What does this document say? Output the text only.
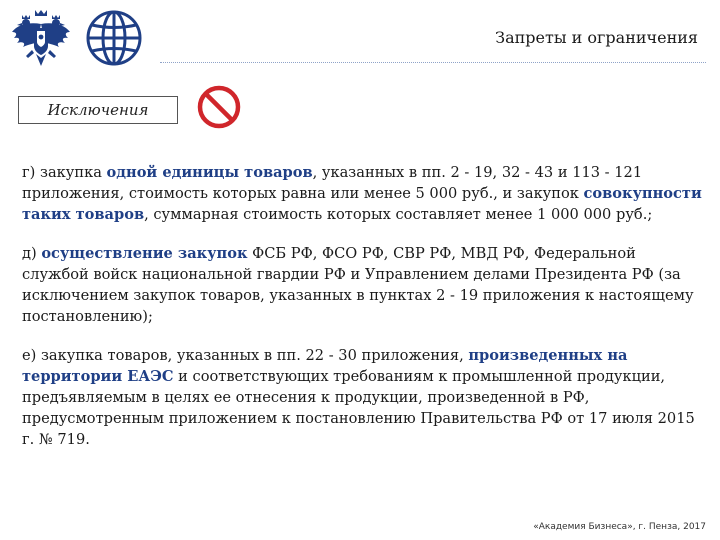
Запреты и ограничения
Исключения

г) закупка одной единицы товаров, указанных в пп. 2 - 19, 32 - 43 и 113 - 121 приложения, стоимость которых равна или менее 5 000 руб., и закупок совокупности таких товаров, суммарная стоимость которых составляет менее 1 000 000 руб.;

д) осуществление закупок ФСБ РФ, ФСО РФ, СВР РФ, МВД РФ, Федеральной службой войск национальной гвардии РФ и Управлением делами Президента РФ (за исключением закупок товаров, указанных в пунктах 2 - 19 приложения к настоящему постановлению);

е) закупка товаров, указанных в пп. 22 - 30 приложения, произведенных на территории ЕАЭС и соответствующих требованиям к промышленной продукции, предъявляемым в целях ее отнесения к продукции, произведенной в РФ, предусмотренным приложением к постановлению Правительства РФ от 17 июля 2015 г. № 719.

«Академия Бизнеса», г. Пенза, 2017
